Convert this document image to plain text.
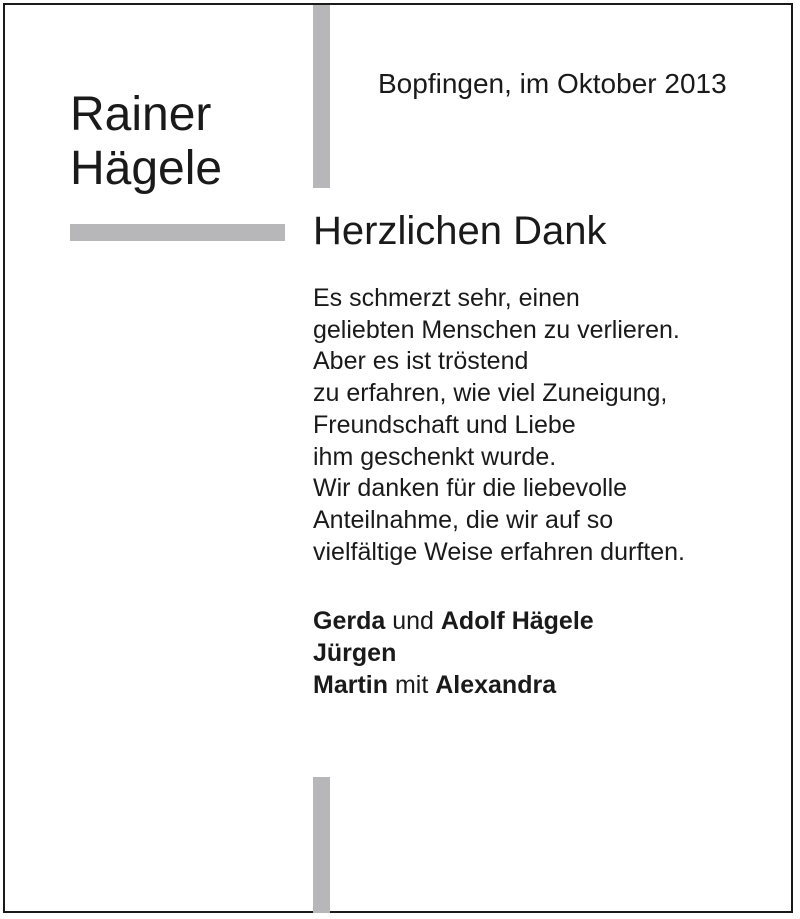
Rainer
Hägele
Bopfingen, im Oktober 2013
Herzlichen Dank
Es schmerzt sehr, einen
geliebten Menschen zu verlieren.
Aber es ist tröstend
zu erfahren, wie viel Zuneigung,
Freundschaft und Liebe
ihm geschenkt wurde.
Wir danken für die liebevolle
Anteilnahme, die wir auf so
vielfältige Weise erfahren durften.
Gerda und Adolf Hägele
Jürgen
Martin mit Alexandra
